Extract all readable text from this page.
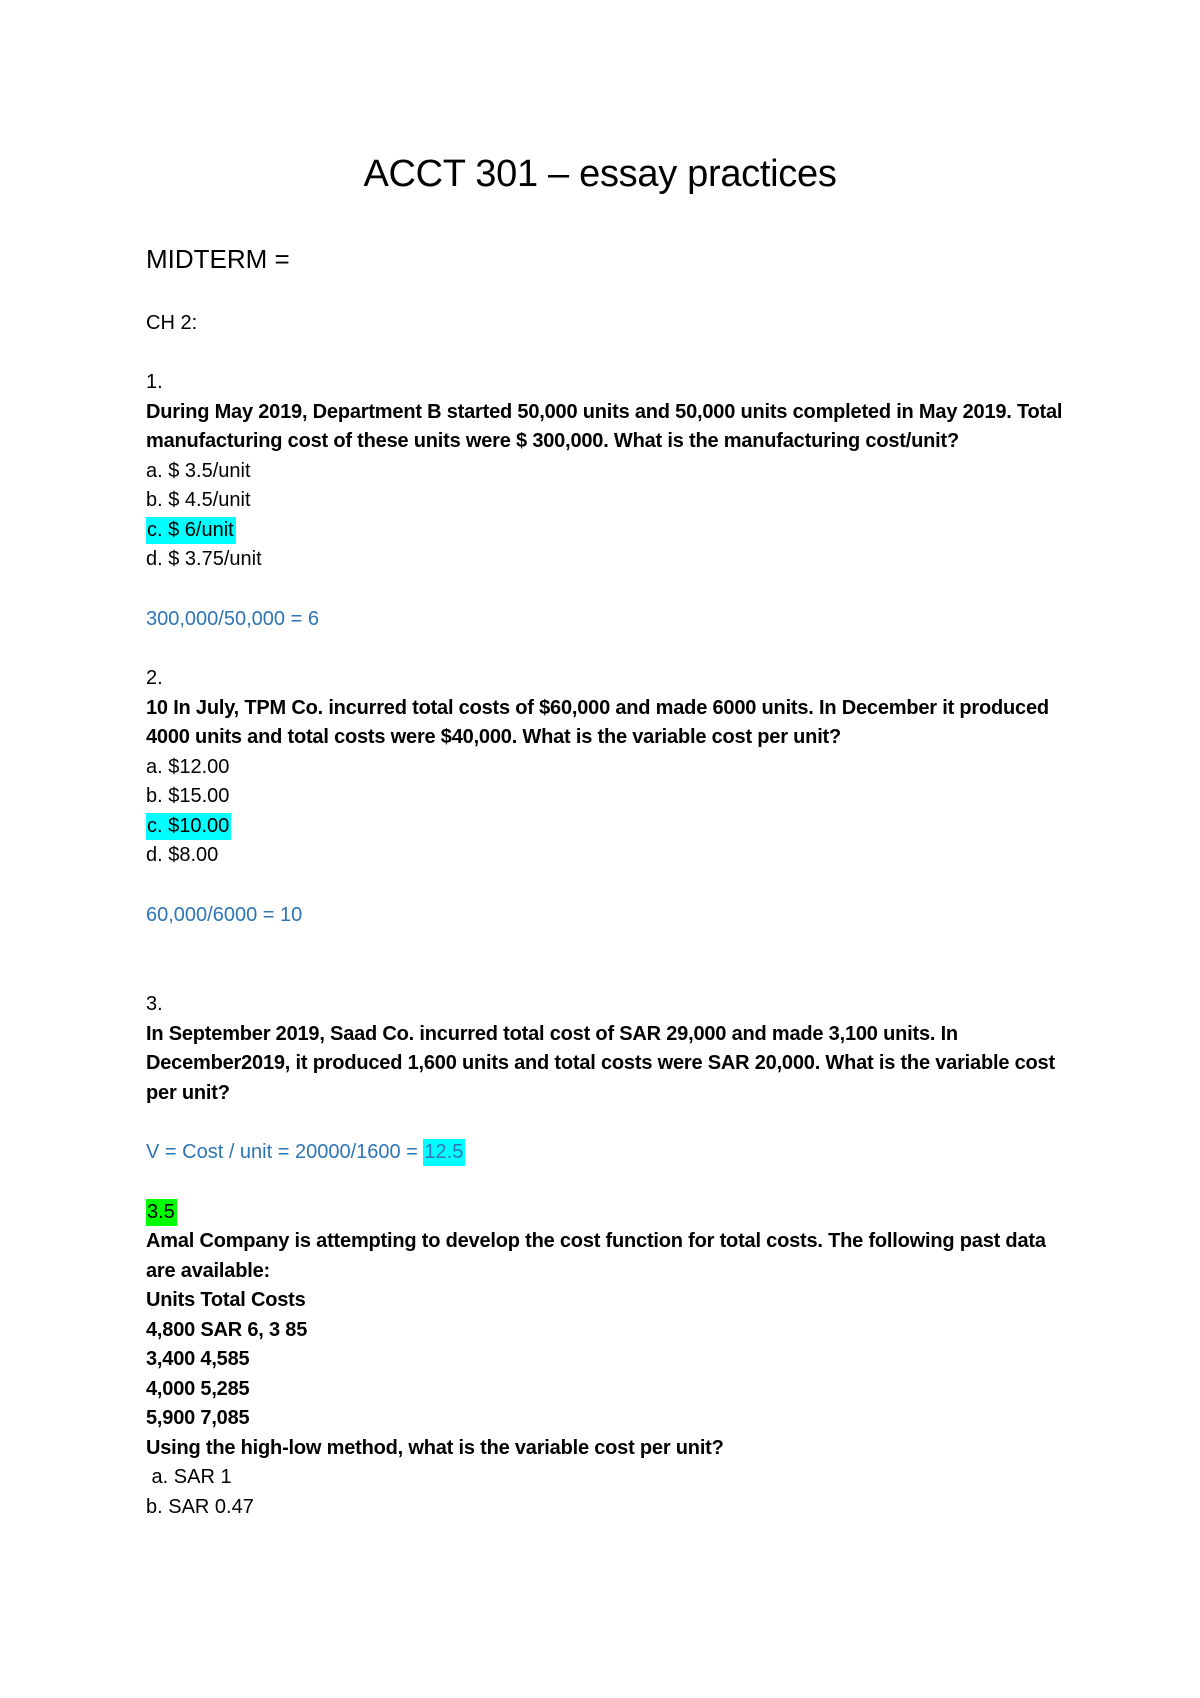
ACCT 301 – essay practices

MIDTERM =

CH 2:

1.
During May 2019, Department B started 50,000 units and 50,000 units completed in May 2019. Total manufacturing cost of these units were $ 300,000. What is the manufacturing cost/unit?
a. $ 3.5/unit
b. $ 4.5/unit
c. $ 6/unit
d. $ 3.75/unit
300,000/50,000 = 6
2.
10 In July, TPM Co. incurred total costs of $60,000 and made 6000 units. In December it produced 4000 units and total costs were $40,000. What is the variable cost per unit?
a. $12.00
b. $15.00
c. $10.00
d. $8.00
60,000/6000 = 10
3.
In September 2019, Saad Co. incurred total cost of SAR 29,000 and made 3,100 units. In December2019, it produced 1,600 units and total costs were SAR 20,000. What is the variable cost per unit?
V = Cost / unit = 20000/1600 = 12.5
3.5
Amal Company is attempting to develop the cost function for total costs. The following past data are available:
Units Total Costs
4,800 SAR 6, 3 85
3,400 4,585
4,000 5,285
5,900 7,085
Using the high-low method, what is the variable cost per unit?
a. SAR 1
b. SAR 0.47
